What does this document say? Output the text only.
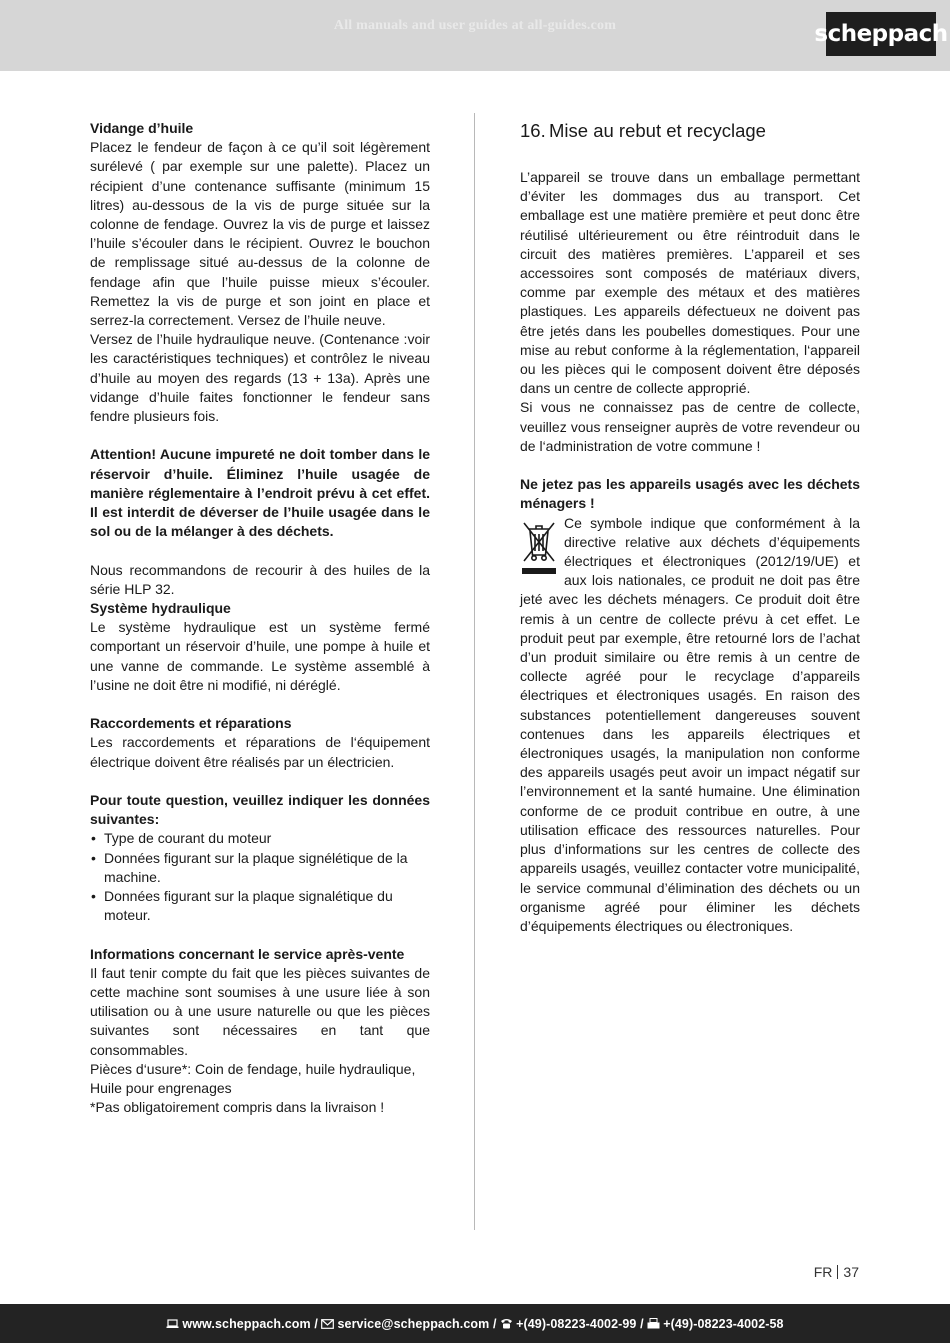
All manuals and user guides at all-guides.com	scheppach

Vidange d’huile

Placez le fendeur de façon à ce qu’il soit légèrement surélevé ( par exemple sur une palette). Placez un récipient d’une contenance suffisante (minimum 15 litres) au-dessous de la vis de purge située sur la colonne de fendage. Ouvrez la vis de purge et laissez l’huile s’écouler dans le récipient. Ouvrez le bouchon de remplissage situé au-dessus de la colonne de fendage afin que l’huile puisse mieux s’écouler. Remettez la vis de purge et son joint en place et serrez-la correctement. Versez de l’huile neuve.

Versez de l’huile hydraulique neuve. (Contenance :voir les caractéristiques techniques) et contrôlez le niveau d’huile au moyen des regards (13 + 13a). Après une vidange d’huile faites fonctionner le fendeur sans fendre plusieurs fois.

Attention! Aucune impureté ne doit tomber dans le réservoir d’huile. Éliminez l’huile usagée de manière réglementaire à l’endroit prévu à cet effet. Il est interdit de déverser de l’huile usagée dans le sol ou de la mélanger à des déchets.

Nous recommandons de recourir à des huiles de la série HLP 32.

Système hydraulique

Le système hydraulique est un système fermé comportant un réservoir d’huile, une pompe à huile et une vanne de commande. Le système assemblé à l’usine ne doit être ni modifié, ni déréglé.

Raccordements et réparations

Les raccordements et réparations de l‘équipement électrique doivent être réalisés par un électricien.

Pour toute question, veuillez indiquer les données suivantes:

• Type de courant du moteur
• Données figurant sur la plaque signélétique de la machine.
• Données figurant sur la plaque signalétique du moteur.

Informations concernant le service après-vente

Il faut tenir compte du fait que les pièces suivantes de cette machine sont soumises à une usure liée à son utilisation ou à une usure naturelle ou que les pièces suivantes sont nécessaires en tant que consommables.

Pièces d‘usure*: Coin de fendage, huile hydraulique, Huile pour engrenages

*Pas obligatoirement compris dans la livraison !

16. Mise au rebut et recyclage

L’appareil se trouve dans un emballage permettant d’éviter les dommages dus au transport. Cet emballage est une matière première et peut donc être réutilisé ultérieurement ou être réintroduit dans le circuit des matières premières. L’appareil et ses accessoires sont composés de matériaux divers, comme par exemple des métaux et des matières plastiques. Les appareils défectueux ne doivent pas être jetés dans les poubelles domestiques. Pour une mise au rebut conforme à la réglementation, l‘appareil ou les pièces qui le composent doivent être déposés dans un centre de collecte approprié.

Si vous ne connaissez pas de centre de collecte, veuillez vous renseigner auprès de votre revendeur ou de l‘administration de votre commune !

Ne jetez pas les appareils usagés avec les déchets ménagers !

Ce symbole indique que conformément à la directive relative aux déchets d’équipements électriques et électroniques (2012/19/UE) et aux lois nationales, ce produit ne doit pas être jeté avec les déchets ménagers. Ce produit doit être remis à un centre de collecte prévu à cet effet. Le produit peut par exemple, être retourné lors de l’achat d’un produit similaire ou être remis à un centre de collecte agréé pour le recyclage d’appareils électriques et électroniques usagés. En raison des substances potentiellement dangereuses souvent contenues dans les appareils électriques et électroniques usagés, la manipulation non conforme des appareils usagés peut avoir un impact négatif sur l’environnement et la santé humaine. Une élimination conforme de ce produit contribue en outre, à une utilisation efficace des ressources naturelles. Pour plus d’informations sur les centres de collecte des appareils usagés, veuillez contacter votre municipalité, le service communal d’élimination des déchets ou un organisme agréé pour éliminer les déchets d’équipements électriques ou électroniques.

FR 37
www.scheppach.com
/
service@scheppach.com
/
+(49)-08223-4002-99
/
+(49)-08223-4002-58
